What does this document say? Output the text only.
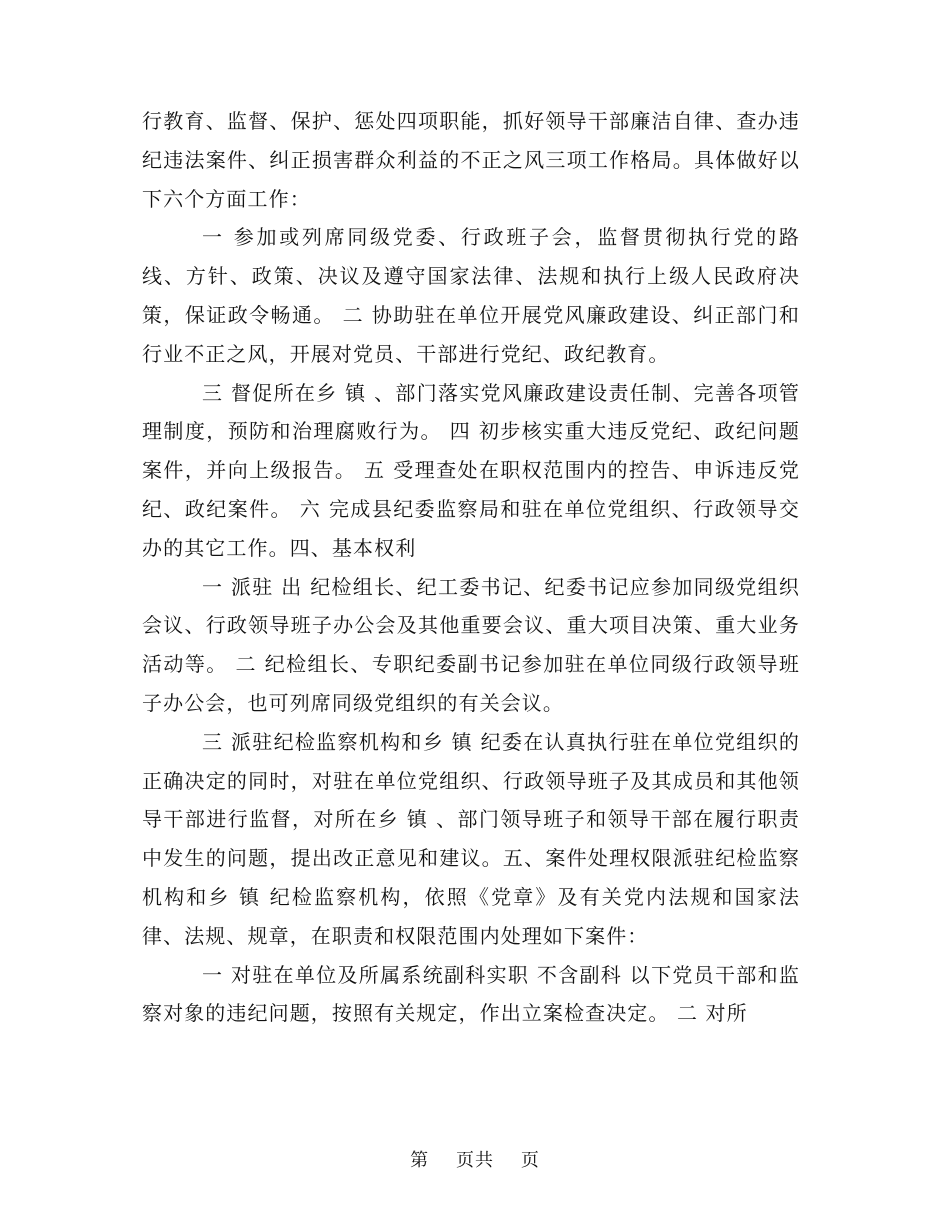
行教育、监督、保护、惩处四项职能，抓好领导干部廉洁自律、查办违纪违法案件、纠正损害群众利益的不正之风三项工作格局。具体做好以下六个方面工作：

一 参加或列席同级党委、行政班子会，监督贯彻执行党的路线、方针、政策、决议及遵守国家法律、法规和执行上级人民政府决策，保证政令畅通。 二 协助驻在单位开展党风廉政建设、纠正部门和行业不正之风，开展对党员、干部进行党纪、政纪教育。

三 督促所在乡 镇 、部门落实党风廉政建设责任制、完善各项管理制度，预防和治理腐败行为。 四 初步核实重大违反党纪、政纪问题案件，并向上级报告。 五 受理查处在职权范围内的控告、申诉违反党纪、政纪案件。 六 完成县纪委监察局和驻在单位党组织、行政领导交办的其它工作。四、基本权利

一 派驻 出 纪检组长、纪工委书记、纪委书记应参加同级党组织会议、行政领导班子办公会及其他重要会议、重大项目决策、重大业务活动等。 二 纪检组长、专职纪委副书记参加驻在单位同级行政领导班子办公会，也可列席同级党组织的有关会议。

三 派驻纪检监察机构和乡 镇 纪委在认真执行驻在单位党组织的正确决定的同时，对驻在单位党组织、行政领导班子及其成员和其他领导干部进行监督，对所在乡 镇 、部门领导班子和领导干部在履行职责中发生的问题，提出改正意见和建议。五、案件处理权限派驻纪检监察机构和乡 镇 纪检监察机构，依照《党章》及有关党内法规和国家法律、法规、规章，在职责和权限范围内处理如下案件：

一 对驻在单位及所属系统副科实职 不含副科 以下党员干部和监察对象的违纪问题，按照有关规定，作出立案检查决定。 二 对所

第    页共    页
